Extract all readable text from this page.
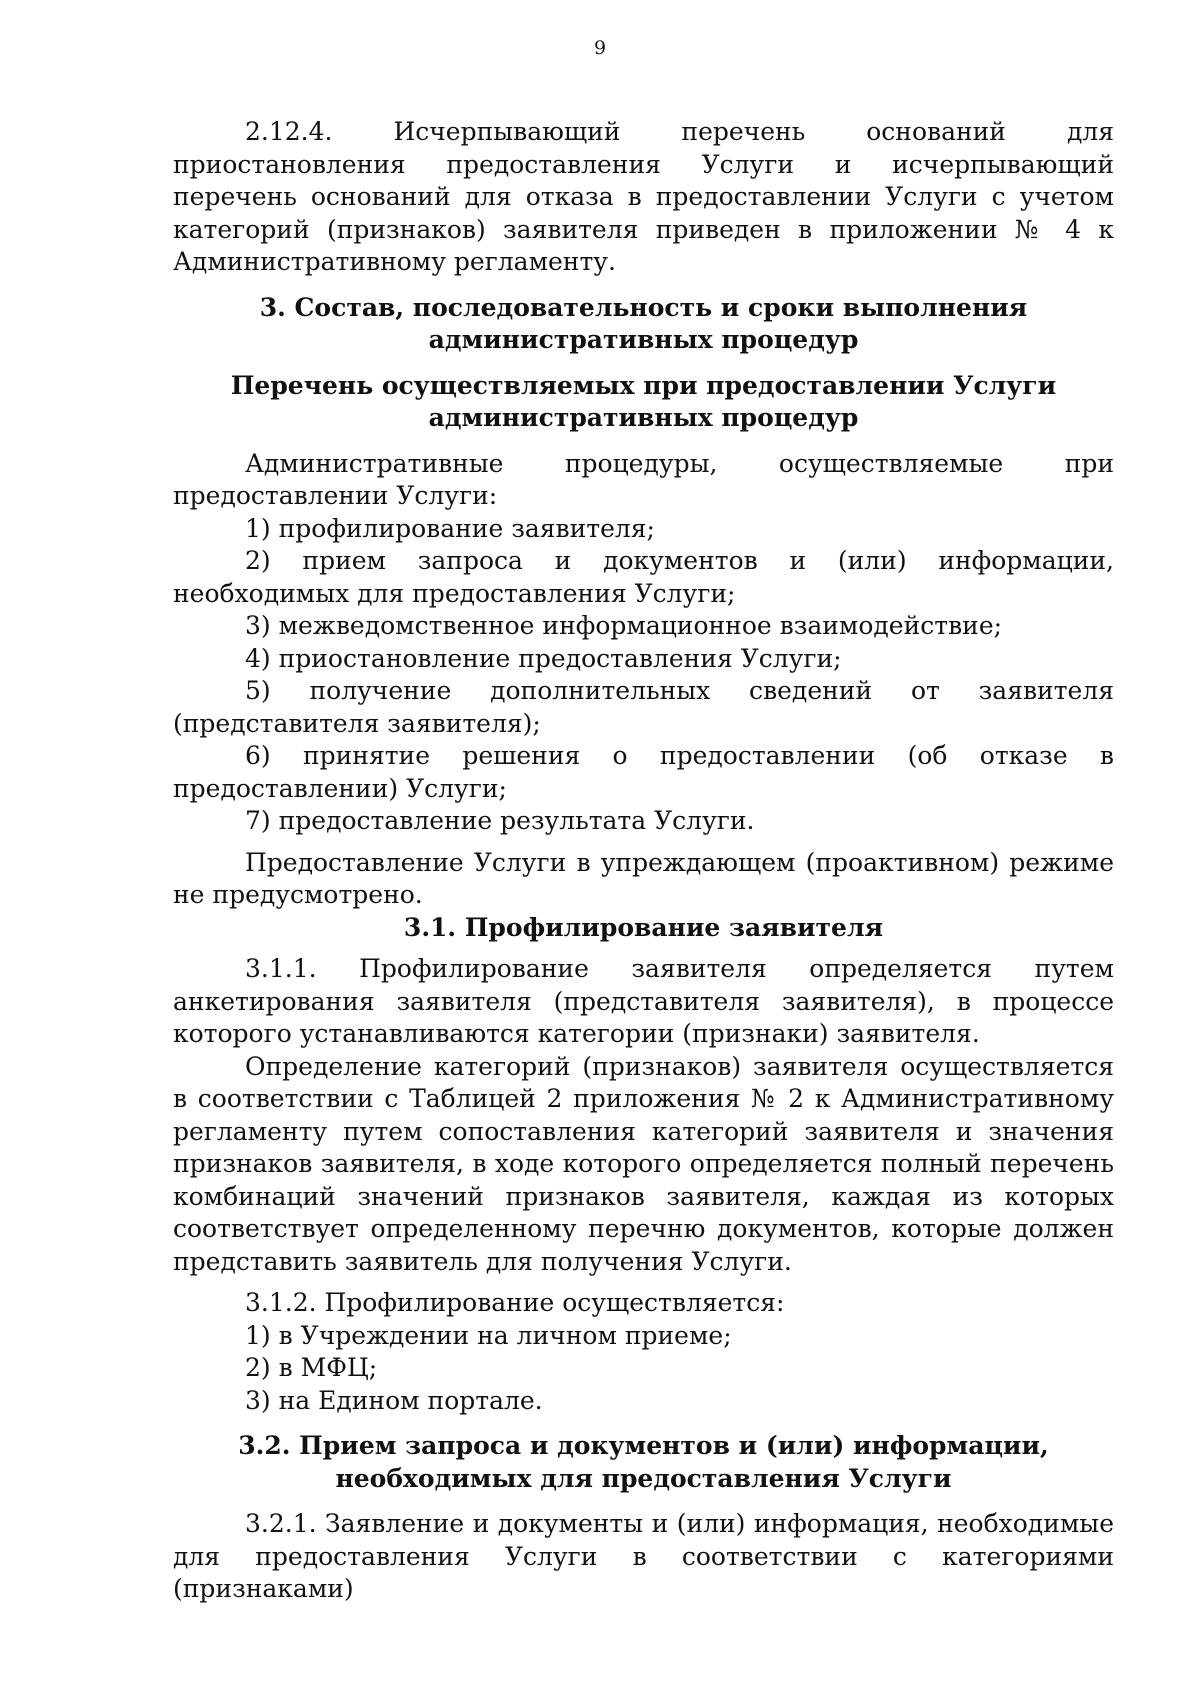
9

2.12.4. Исчерпывающий перечень оснований для приостановления предоставления Услуги и исчерпывающий перечень оснований для отказа в предоставлении Услуги с учетом категорий (признаков) заявителя приведен в приложении № 4 к Административному регламенту.

3. Состав, последовательность и сроки выполнения административных процедур
Перечень осуществляемых при предоставлении Услуги административных процедур

Административные процедуры, осуществляемые при предоставлении Услуги:

1) профилирование заявителя;

2) прием запроса и документов и (или) информации, необходимых для предоставления Услуги;

3) межведомственное информационное взаимодействие;

4) приостановление предоставления Услуги;

5) получение дополнительных сведений от заявителя (представителя заявителя);

6) принятие решения о предоставлении (об отказе в предоставлении) Услуги;

7) предоставление результата Услуги.

Предоставление Услуги в упреждающем (проактивном) режиме не предусмотрено.

3.1. Профилирование заявителя

3.1.1. Профилирование заявителя определяется путем анкетирования заявителя (представителя заявителя), в процессе которого устанавливаются категории (признаки) заявителя.

Определение категорий (признаков) заявителя осуществляется в соответствии с Таблицей 2 приложения № 2 к Административному регламенту путем сопоставления категорий заявителя и значения признаков заявителя, в ходе которого определяется полный перечень комбинаций значений признаков заявителя, каждая из которых соответствует определенному перечню документов, которые должен представить заявитель для получения Услуги.

3.1.2. Профилирование осуществляется:

1) в Учреждении на личном приеме;

2) в МФЦ;

3) на Едином портале.

3.2. Прием запроса и документов и (или) информации, необходимых для предоставления Услуги

3.2.1. Заявление и документы и (или) информация, необходимые для предоставления Услуги в соответствии с категориями (признаками)
